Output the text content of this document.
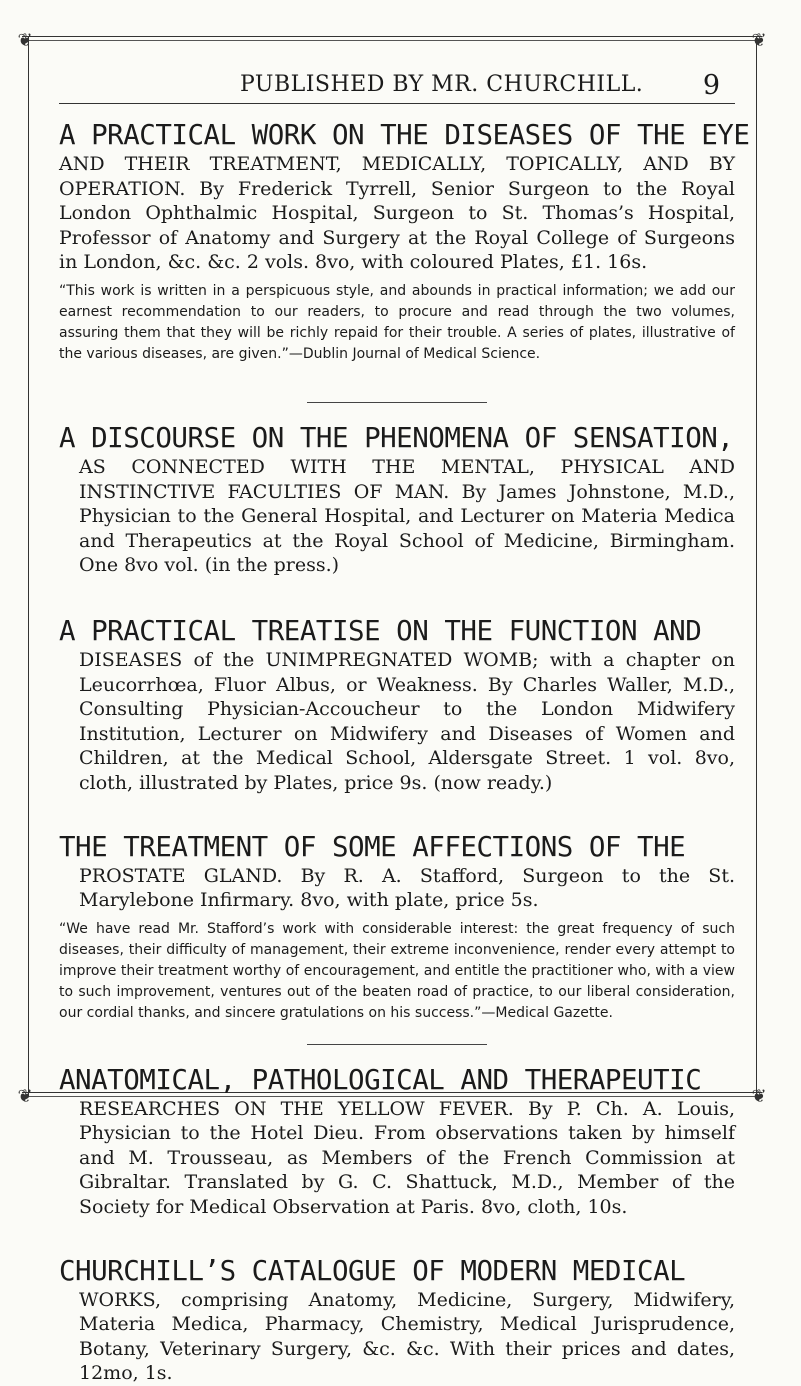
❦	❦
❦	❦
PUBLISHED BY MR. CHURCHILL. 9

A PRACTICAL WORK ON THE DISEASES OF THE EYE

AND THEIR TREATMENT, MEDICALLY, TOPICALLY, AND BY OPERATION. By Frederick Tyrrell, Senior Surgeon to the Royal London Ophthalmic Hospital, Surgeon to St. Thomas’s Hospital, Professor of Anatomy and Surgery at the Royal College of Surgeons in London, &c. &c. 2 vols. 8vo, with coloured Plates, £1. 16s.

“This work is written in a perspicuous style, and abounds in practical information; we add our earnest recommendation to our readers, to procure and read through the two volumes, assuring them that they will be richly repaid for their trouble. A series of plates, illustrative of the various diseases, are given.”—Dublin Journal of Medical Science.

A DISCOURSE ON THE PHENOMENA OF SENSATION,

AS CONNECTED WITH THE MENTAL, PHYSICAL AND INSTINCTIVE FACULTIES OF MAN. By James Johnstone, M.D., Physician to the General Hospital, and Lecturer on Materia Medica and Therapeutics at the Royal School of Medicine, Birmingham. One 8vo vol. (in the press.)

A PRACTICAL TREATISE ON THE FUNCTION AND

DISEASES of the UNIMPREGNATED WOMB; with a chapter on Leucorrhœa, Fluor Albus, or Weakness. By Charles Waller, M.D., Consulting Physician-Accoucheur to the London Midwifery Institution, Lecturer on Midwifery and Diseases of Women and Children, at the Medical School, Aldersgate Street. 1 vol. 8vo, cloth, illustrated by Plates, price 9s. (now ready.)

THE TREATMENT OF SOME AFFECTIONS OF THE

PROSTATE GLAND. By R. A. Stafford, Surgeon to the St. Marylebone Infirmary. 8vo, with plate, price 5s.

“We have read Mr. Stafford’s work with considerable interest: the great frequency of such diseases, their difficulty of management, their extreme inconvenience, render every attempt to improve their treatment worthy of encouragement, and entitle the practitioner who, with a view to such improvement, ventures out of the beaten road of practice, to our liberal consideration, our cordial thanks, and sincere gratulations on his success.”—Medical Gazette.

ANATOMICAL, PATHOLOGICAL AND THERAPEUTIC

RESEARCHES ON THE YELLOW FEVER. By P. Ch. A. Louis, Physician to the Hotel Dieu. From observations taken by himself and M. Trousseau, as Members of the French Commission at Gibraltar. Translated by G. C. Shattuck, M.D., Member of the Society for Medical Observation at Paris. 8vo, cloth, 10s.

CHURCHILL’S CATALOGUE OF MODERN MEDICAL

WORKS, comprising Anatomy, Medicine, Surgery, Midwifery, Materia Medica, Pharmacy, Chemistry, Medical Jurisprudence, Botany, Veterinary Surgery, &c. &c. With their prices and dates, 12mo, 1s.
